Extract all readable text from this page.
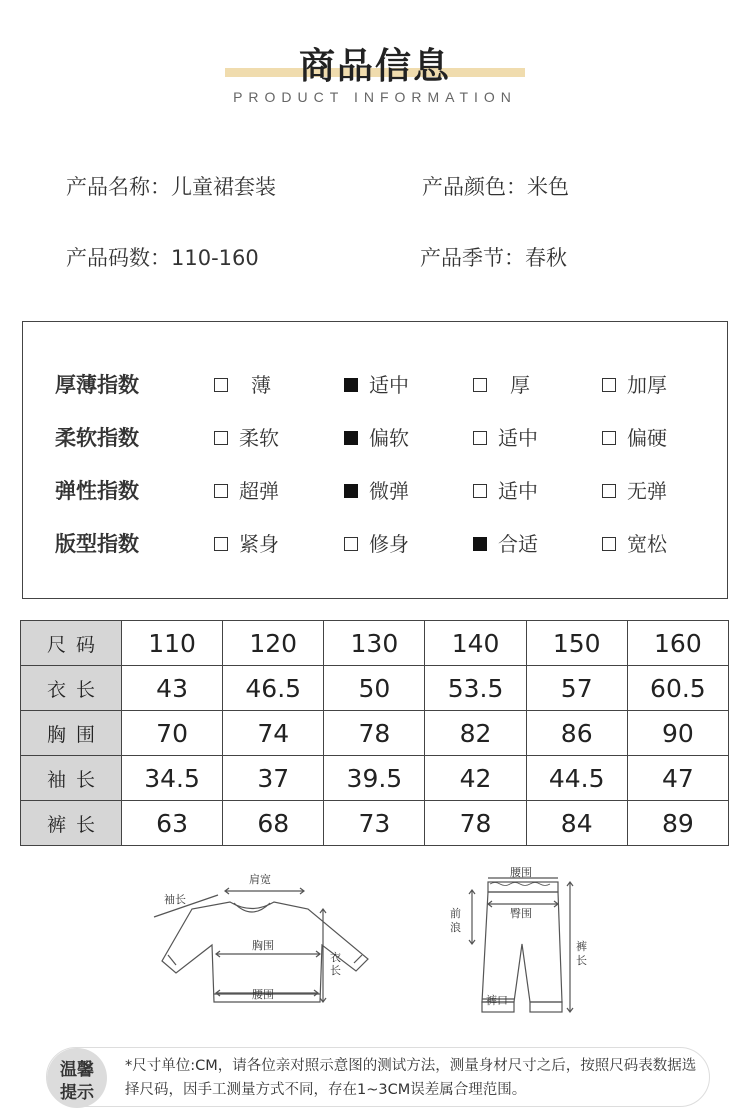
商品信息
PRODUCT INFORMATION
产品名称：儿童裙套装	产品颜色：米色
产品码数：110-160	产品季节：春秋
厚薄指数	薄	适中	厚	加厚
柔软指数	柔软	偏软	适中	偏硬
弹性指数	超弹	微弹	适中	无弹
版型指数	紧身	修身	合适	宽松
尺码	110	120	130	140	150	160
衣长	43	46.5	50	53.5	57	60.5
胸围	70	74	78	82	86	90
袖长	34.5	37	39.5	42	44.5	47
裤长	63	68	73	78	84	89
袖长
肩宽
胸围
衣长
腰围
腰围
臀围
前浪
裤长
裤口
温馨
提示
*尺寸单位:CM，请各位亲对照示意图的测试方法，测量身材尺寸之后，按照尺码表数据选择尺码，因手工测量方式不同，存在1~3CM误差属合理范围。
